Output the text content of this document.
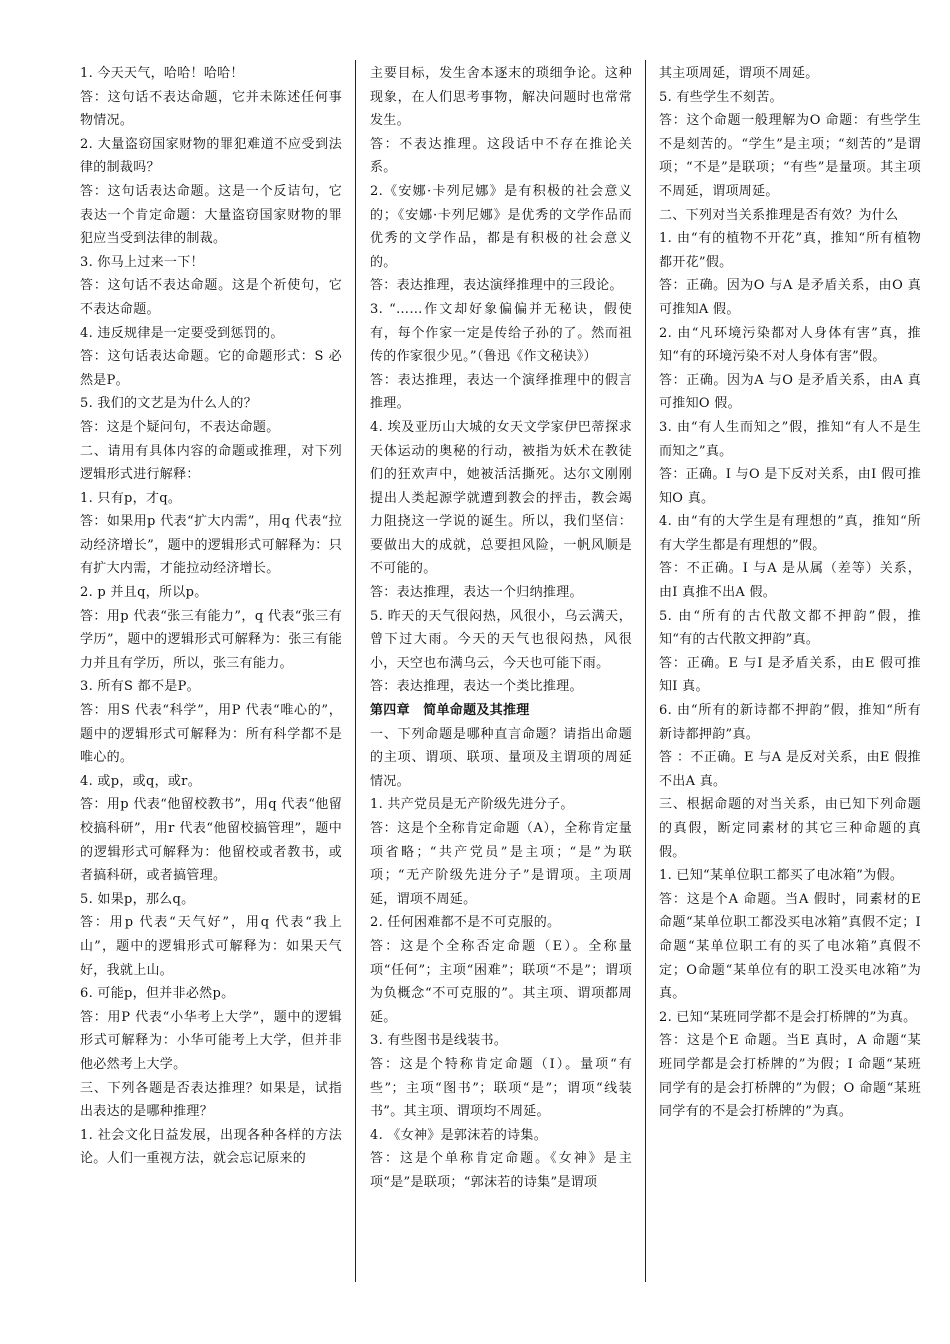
1. 今天天气，哈哈！哈哈！

答：这句话不表达命题，它并未陈述任何事物情况。

2. 大量盗窃国家财物的罪犯难道不应受到法律的制裁吗？

答：这句话表达命题。这是一个反诘句，它表达一个肯定命题：大量盗窃国家财物的罪犯应当受到法律的制裁。

3. 你马上过来一下！

答：这句话不表达命题。这是个祈使句，它不表达命题。

4. 违反规律是一定要受到惩罚的。

答：这句话表达命题。它的命题形式：S 必然是P。

5. 我们的文艺是为什么人的？

答：这是个疑问句，不表达命题。

二、请用有具体内容的命题或推理，对下列逻辑形式进行解释：

1. 只有p，才q。

答：如果用p 代表“扩大内需”，用q 代表“拉动经济增长”，题中的逻辑形式可解释为：只有扩大内需，才能拉动经济增长。

2. p 并且q，所以p。

答：用p 代表“张三有能力”，q 代表“张三有学历”，题中的逻辑形式可解释为：张三有能力并且有学历，所以，张三有能力。

3. 所有S 都不是P。

答：用S 代表“科学”，用P 代表“唯心的”，题中的逻辑形式可解释为：所有科学都不是唯心的。

4. 或p，或q，或r。

答：用p 代表“他留校教书”，用q 代表“他留校搞科研”，用r 代表“他留校搞管理”，题中的逻辑形式可解释为：他留校或者教书，或者搞科研，或者搞管理。

5. 如果p，那么q。

答：用p 代表“天气好”，用q 代表“我上山”，题中的逻辑形式可解释为：如果天气好，我就上山。

6. 可能p，但并非必然p。

答：用P 代表“小华考上大学”，题中的逻辑形式可解释为：小华可能考上大学，但并非他必然考上大学。

三、下列各题是否表达推理？如果是，试指出表达的是哪种推理？

1. 社会文化日益发展，出现各种各样的方法论。人们一重视方法，就会忘记原来的

主要目标，发生舍本逐末的琐细争论。这种现象，在人们思考事物，解决问题时也常常发生。

答：不表达推理。这段话中不存在推论关系。

2.《安娜·卡列尼娜》是有积极的社会意义的；《安娜·卡列尼娜》是优秀的文学作品而优秀的文学作品，都是有积极的社会意义的。

答：表达推理，表达演绎推理中的三段论。

3. “……作文却好象偏偏并无秘诀，假使有，每个作家一定是传给子孙的了。然而祖传的作家很少见。”（鲁迅《作文秘诀》）

答：表达推理，表达一个演绎推理中的假言推理。

4. 埃及亚历山大城的女天文学家伊巴蒂探求天体运动的奥秘的行动，被指为妖术在教徒们的狂欢声中，她被活活撕死。达尔文刚刚提出人类起源学就遭到教会的抨击，教会竭力阻挠这一学说的诞生。所以，我们坚信：要做出大的成就，总要担风险，一帆风顺是不可能的。

答：表达推理，表达一个归纳推理。

5. 昨天的天气很闷热，风很小，乌云满天，曾下过大雨。今天的天气也很闷热，风很小，天空也布满乌云，今天也可能下雨。

答：表达推理，表达一个类比推理。

第四章　简单命题及其推理

一、下列命题是哪种直言命题？请指出命题的主项、谓项、联项、量项及主谓项的周延情况。

1. 共产党员是无产阶级先进分子。

答：这是个全称肯定命题（A），全称肯定量项省略；“共产党员”是主项；“是”为联项；“无产阶级先进分子”是谓项。主项周延，谓项不周延。

2. 任何困难都不是不可克服的。

答：这是个全称否定命题（E）。全称量项“任何”；主项“困难”；联项“不是”；谓项为负概念“不可克服的”。其主项、谓项都周延。

3. 有些图书是线装书。

答：这是个特称肯定命题（I）。量项“有些”；主项“图书”；联项“是”；谓项“线装书”。其主项、谓项均不周延。

4. 《女神》是郭沫若的诗集。

答：这是个单称肯定命题。《女神》是主项“是”是联项；“郭沫若的诗集”是谓项

其主项周延，谓项不周延。

5. 有些学生不刻苦。

答：这个命题一般理解为O 命题：有些学生不是刻苦的。“学生”是主项；“刻苦的”是谓项；“不是”是联项；“有些”是量项。其主项不周延，谓项周延。

二、下列对当关系推理是否有效？为什么

1. 由“有的植物不开花”真，推知“所有植物都开花”假。

答：正确。因为O 与A 是矛盾关系，由O 真可推知A 假。

2. 由“凡环境污染都对人身体有害”真，推知“有的环境污染不对人身体有害”假。

答：正确。因为A 与O 是矛盾关系，由A 真可推知O 假。

3. 由“有人生而知之”假，推知“有人不是生而知之”真。

答：正确。I 与O 是下反对关系，由I 假可推知O 真。

4. 由“有的大学生是有理想的”真，推知“所有大学生都是有理想的”假。

答：不正确。I 与A 是从属（差等）关系，由I 真推不出A 假。

5. 由“所有的古代散文都不押韵”假，推知“有的古代散文押韵”真。

答：正确。E 与I 是矛盾关系，由E 假可推知I 真。

6. 由“所有的新诗都不押韵”假，推知“所有新诗都押韵”真。

答 ：不正确。E 与A 是反对关系，由E 假推不出A 真。

三、根据命题的对当关系，由已知下列命题的真假，断定同素材的其它三种命题的真假。

1. 已知“某单位职工都买了电冰箱”为假。

答：这是个A 命题。当A 假时，同素材的E 命题“某单位职工都没买电冰箱”真假不定；I 命题“某单位职工有的买了电冰箱”真假不定；O命题“某单位有的职工没买电冰箱”为真。

2. 已知“某班同学都不是会打桥牌的”为真。

答：这是个E 命题。当E 真时，A 命题“某班同学都是会打桥牌的”为假；I 命题“某班同学有的是会打桥牌的”为假；O 命题“某班同学有的不是会打桥牌的”为真。
